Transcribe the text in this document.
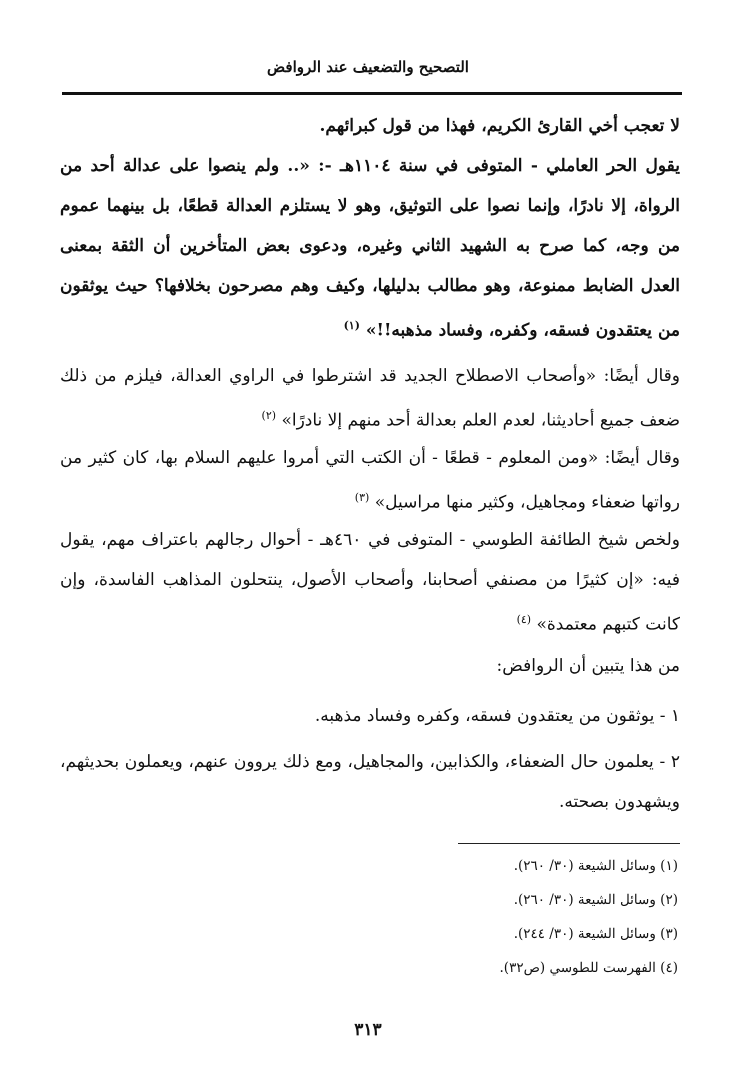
التصحيح والتضعيف عند الروافض
لا تعجب أخي القارئ الكريم، فهذا من قول كبرائهم.
يقول الحر العاملي - المتوفى في سنة ١١٠٤هـ -: «.. ولم ينصوا على عدالة أحد من الرواة، إلا نادرًا، وإنما نصوا على التوثيق، وهو لا يستلزم العدالة قطعًا، بل بينهما عموم من وجه، كما صرح به الشهيد الثاني وغيره، ودعوى بعض المتأخرين أن الثقة بمعنى العدل الضابط ممنوعة، وهو مطالب بدليلها، وكيف وهم مصرحون بخلافها؟ حيث يوثقون من يعتقدون فسقه، وكفره، وفساد مذهبه!!» $^{(١)}$
وقال أيضًا: «وأصحاب الاصطلاح الجديد قد اشترطوا في الراوي العدالة، فيلزم من ذلك ضعف جميع أحاديثنا، لعدم العلم بعدالة أحد منهم إلا نادرًا» $^{(٢)}$
وقال أيضًا: «ومن المعلوم - قطعًا - أن الكتب التي أمروا عليهم السلام بها، كان كثير من رواتها ضعفاء ومجاهيل، وكثير منها مراسيل» $^{(٣)}$
ولخص شيخ الطائفة الطوسي - المتوفى في ٤٦٠هـ - أحوال رجالهم باعتراف مهم، يقول فيه: «إن كثيرًا من مصنفي أصحابنا، وأصحاب الأصول، ينتحلون المذاهب الفاسدة، وإن كانت كتبهم معتمدة» $^{(٤)}$
من هذا يتبين أن الروافض:
١ - يوثقون من يعتقدون فسقه، وكفره وفساد مذهبه.
٢ - يعلمون حال الضعفاء، والكذابين، والمجاهيل، ومع ذلك يروون عنهم، ويعملون بحديثهم، ويشهدون بصحته.
(١) وسائل الشيعة (٣٠/ ٢٦٠).
(٢) وسائل الشيعة (٣٠/ ٢٦٠).
(٣) وسائل الشيعة (٣٠/ ٢٤٤).
(٤) الفهرست للطوسي (ص٣٢).
٣١٣
